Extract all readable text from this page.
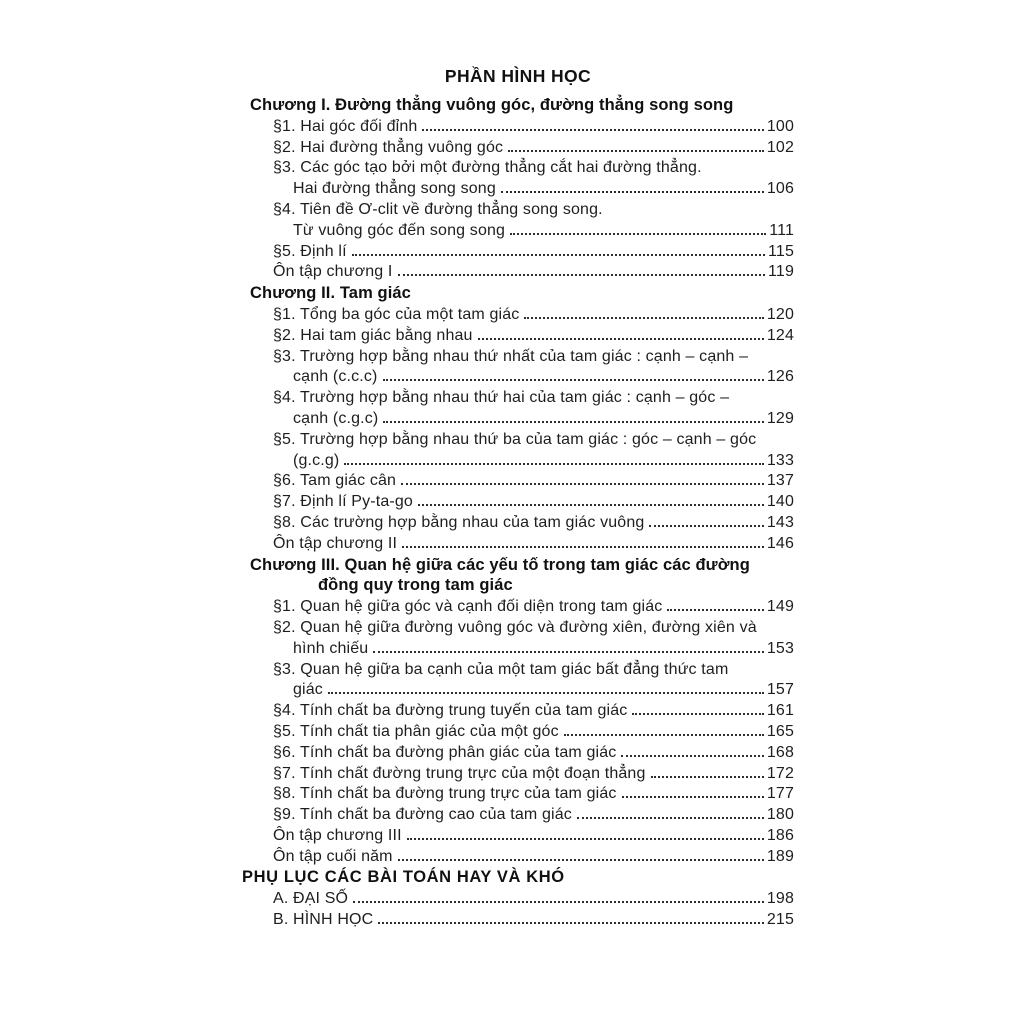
PHẦN HÌNH HỌC
Chương I. Đường thẳng vuông góc, đường thẳng song song
§1. Hai góc đối đỉnh	100
§2. Hai đường thẳng vuông góc	102
§3. Các góc tạo bởi một đường thẳng cắt hai đường thẳng.
Hai đường thẳng song song	106
§4. Tiên đề Ơ-clit về đường thẳng song song.
Từ vuông góc đến song song	111
§5. Định lí	115
Ôn tập chương I	119
Chương II. Tam giác
§1. Tổng ba góc của một tam giác	120
§2. Hai tam giác bằng nhau	124
§3. Trường hợp bằng nhau thứ nhất của tam giác : cạnh – cạnh –
cạnh (c.c.c)	126
§4. Trường hợp bằng nhau thứ hai của tam giác : cạnh – góc –
cạnh (c.g.c)	129
§5. Trường hợp bằng nhau thứ ba của tam giác : góc – cạnh – góc
(g.c.g)	133
§6. Tam giác cân	137
§7. Định lí Py-ta-go	140
§8. Các trường hợp bằng nhau của tam giác vuông	143
Ôn tập chương II	146
Chương III. Quan hệ giữa các yếu tố trong tam giác các đường
đồng quy trong tam giác
§1. Quan hệ giữa góc và cạnh đối diện trong tam giác	149
§2. Quan hệ giữa đường vuông góc và đường xiên, đường xiên và
hình chiếu	153
§3. Quan hệ giữa ba cạnh của một tam giác bất đẳng thức tam
giác	157
§4. Tính chất ba đường trung tuyến của tam giác	161
§5. Tính chất tia phân giác của một góc	165
§6. Tính chất ba đường phân giác của tam giác	168
§7. Tính chất đường trung trực của một đoạn thẳng	172
§8. Tính chất ba đường trung trực của tam giác	177
§9. Tính chất ba đường cao của tam giác	180
Ôn tập chương III	186
Ôn tập cuối năm	189
PHỤ LỤC CÁC BÀI TOÁN HAY VÀ KHÓ
A. ĐẠI SỐ	198
B. HÌNH HỌC	215
